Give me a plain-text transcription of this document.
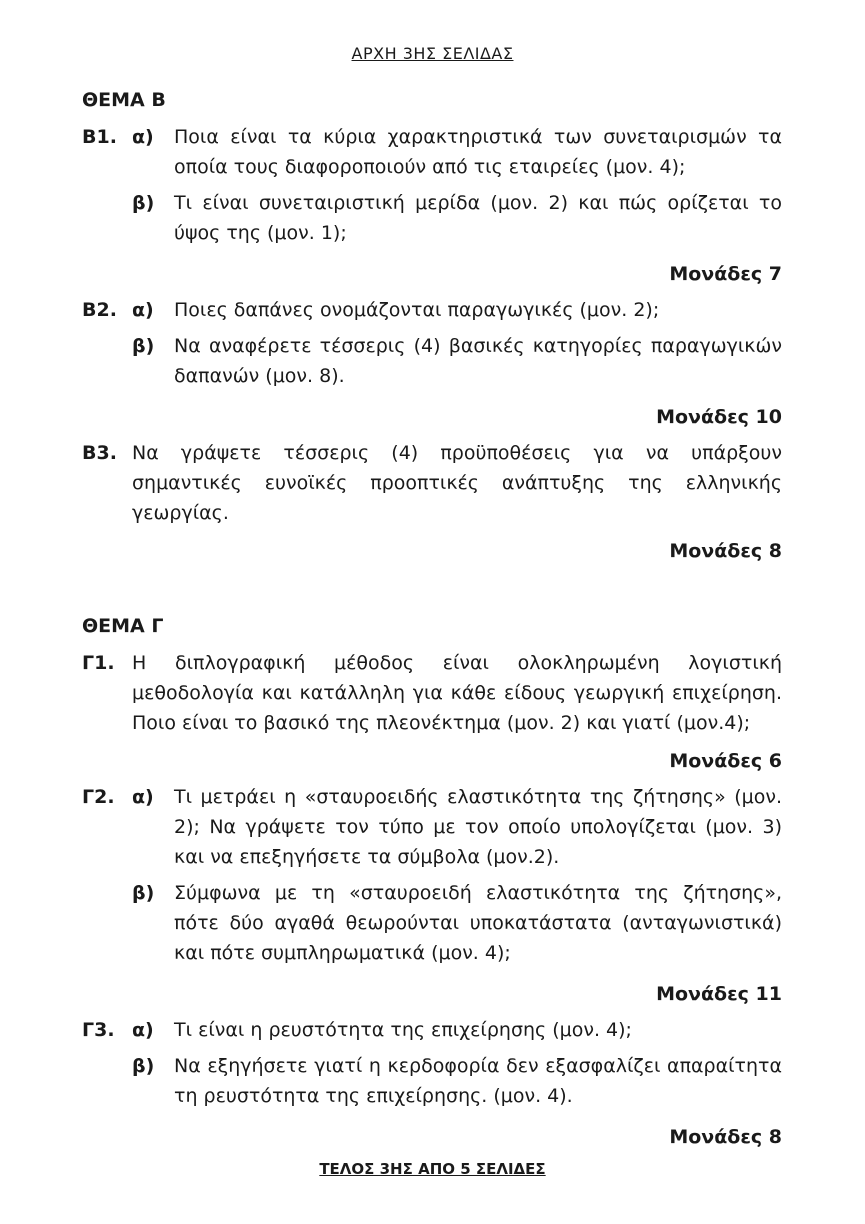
ΑΡΧΗ 3ΗΣ ΣΕΛΙΔΑΣ
ΘΕΜΑ Β
Β1. α)	Ποια είναι τα κύρια χαρακτηριστικά των συνεταιρισμών τα οποία τους διαφοροποιούν από τις εταιρείες (μον. 4);
β)	Τι είναι συνεταιριστική μερίδα (μον. 2) και πώς ορίζεται το ύψος της (μον. 1);
Μονάδες 7
Β2. α)	Ποιες δαπάνες ονομάζονται παραγωγικές (μον. 2);
β)	Να αναφέρετε τέσσερις (4) βασικές κατηγορίες παραγωγικών δαπανών (μον. 8).
Μονάδες 10
Β3. Να γράψετε τέσσερις (4) προϋποθέσεις για να υπάρξουν σημαντικές ευνοϊκές προοπτικές ανάπτυξης της ελληνικής γεωργίας.
Μονάδες 8
ΘΕΜΑ Γ
Γ1. Η διπλογραφική μέθοδος είναι ολοκληρωμένη λογιστική μεθοδολογία και κατάλληλη για κάθε είδους γεωργική επιχείρηση. Ποιο είναι το βασικό της πλεονέκτημα (μον. 2) και γιατί (μον.4);
Μονάδες 6
Γ2. α)	Τι μετράει η «σταυροειδής ελαστικότητα της ζήτησης» (μον. 2); Να γράψετε τον τύπο με τον οποίο υπολογίζεται (μον. 3) και να επεξηγήσετε τα σύμβολα (μον.2).
β)	Σύμφωνα με τη «σταυροειδή ελαστικότητα της ζήτησης», πότε δύο αγαθά θεωρούνται υποκατάστατα (ανταγωνιστικά) και πότε συμπληρωματικά (μον. 4);
Μονάδες 11
Γ3. α)	Τι είναι η ρευστότητα της επιχείρησης (μον. 4);
β)	Να εξηγήσετε γιατί η κερδοφορία δεν εξασφαλίζει απαραίτητα τη ρευστότητα της επιχείρησης. (μον. 4).
Μονάδες 8
ΤΕΛΟΣ 3ΗΣ ΑΠΟ 5 ΣΕΛΙΔΕΣ
